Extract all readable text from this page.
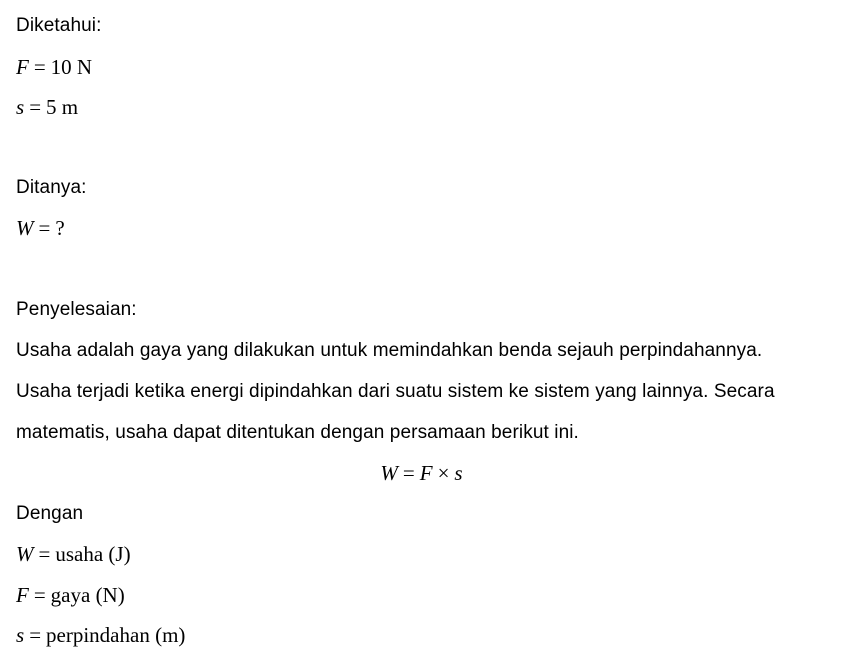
Diketahui:
F = 10 N
s = 5 m
Ditanya:
W = ?
Penyelesaian:
Usaha adalah gaya yang dilakukan untuk memindahkan benda sejauh perpindahannya.
Usaha terjadi ketika energi dipindahkan dari suatu sistem ke sistem yang lainnya. Secara
matematis, usaha dapat ditentukan dengan persamaan berikut ini.
W = F × s
Dengan
W = usaha (J)
F = gaya (N)
s = perpindahan (m)
